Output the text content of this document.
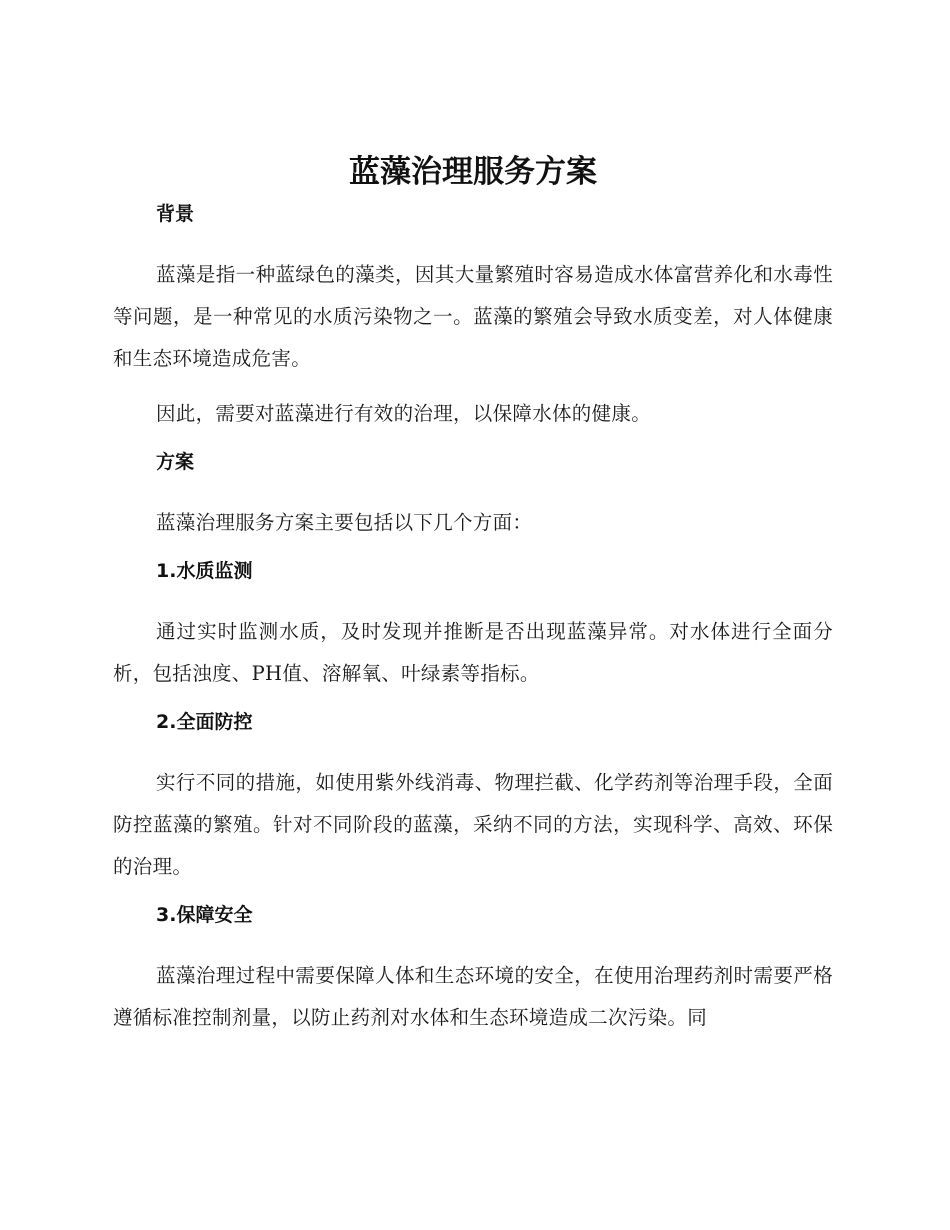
蓝藻治理服务方案
背景

蓝藻是指一种蓝绿色的藻类，因其大量繁殖时容易造成水体富营养化和水毒性等问题，是一种常见的水质污染物之一。蓝藻的繁殖会导致水质变差，对人体健康和生态环境造成危害。

因此，需要对蓝藻进行有效的治理，以保障水体的健康。

方案

蓝藻治理服务方案主要包括以下几个方面：

1.水质监测

通过实时监测水质，及时发现并推断是否出现蓝藻异常。对水体进行全面分析，包括浊度、PH值、溶解氧、叶绿素等指标。

2.全面防控

实行不同的措施，如使用紫外线消毒、物理拦截、化学药剂等治理手段，全面防控蓝藻的繁殖。针对不同阶段的蓝藻，采纳不同的方法，实现科学、高效、环保的治理。

3.保障安全

蓝藻治理过程中需要保障人体和生态环境的安全，在使用治理药剂时需要严格遵循标准控制剂量，以防止药剂对水体和生态环境造成二次污染。同
